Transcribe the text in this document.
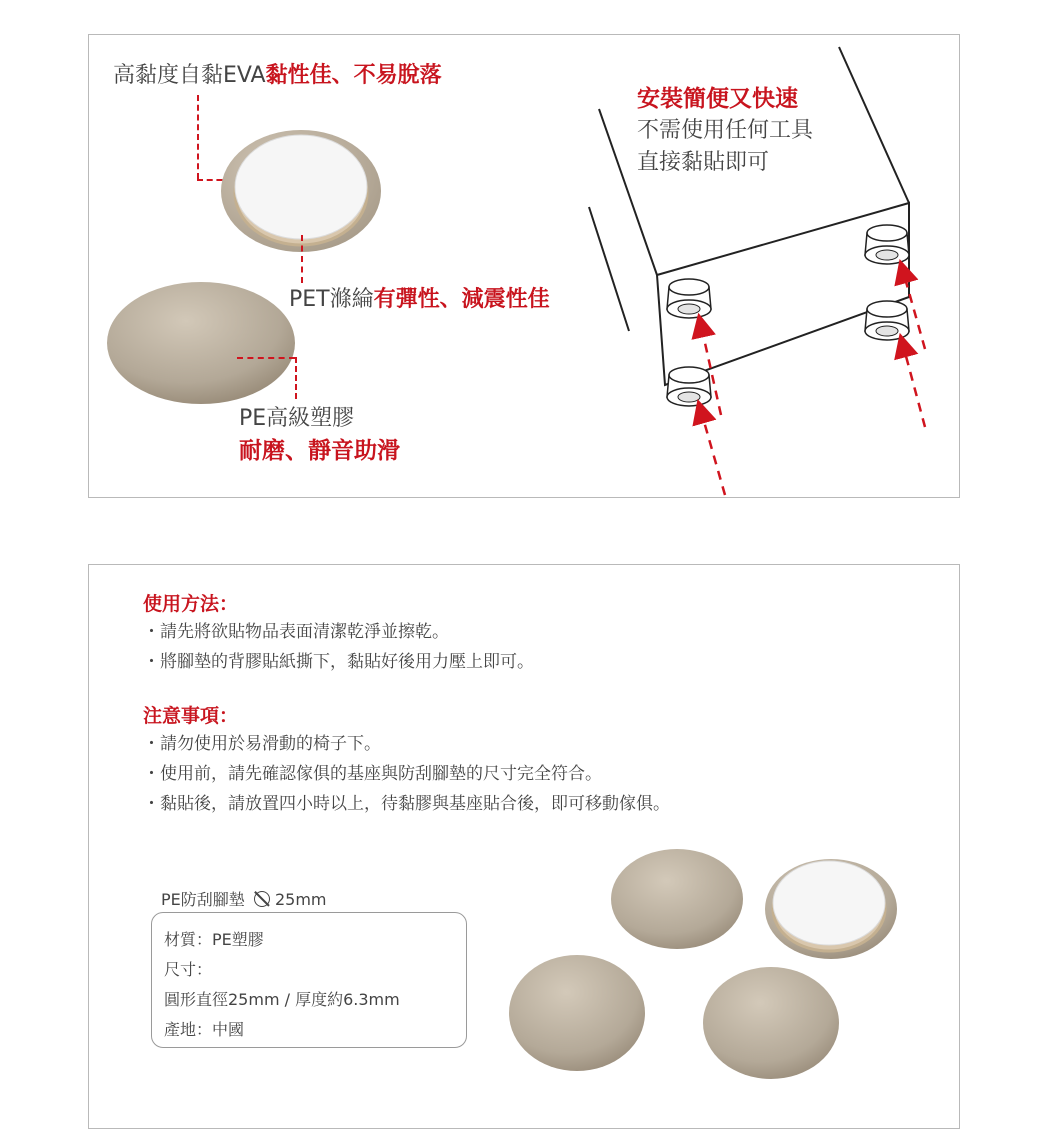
高黏度自黏EVA黏性佳、不易脫落
PET滌綸有彈性、減震性佳
PE高級塑膠
耐磨、靜音助滑
安裝簡便又快速
不需使用任何工具
直接黏貼即可
使用方法：
・請先將欲貼物品表面清潔乾淨並擦乾。
・將腳墊的背膠貼紙撕下，黏貼好後用力壓上即可。
注意事項：
・請勿使用於易滑動的椅子下。
・使用前，請先確認傢俱的基座與防刮腳墊的尺寸完全符合。
・黏貼後，請放置四小時以上，待黏膠與基座貼合後，即可移動傢俱。
PE防刮腳墊 25mm
材質：PE塑膠
尺寸：
圓形直徑25mm / 厚度約6.3mm
產地：中國
